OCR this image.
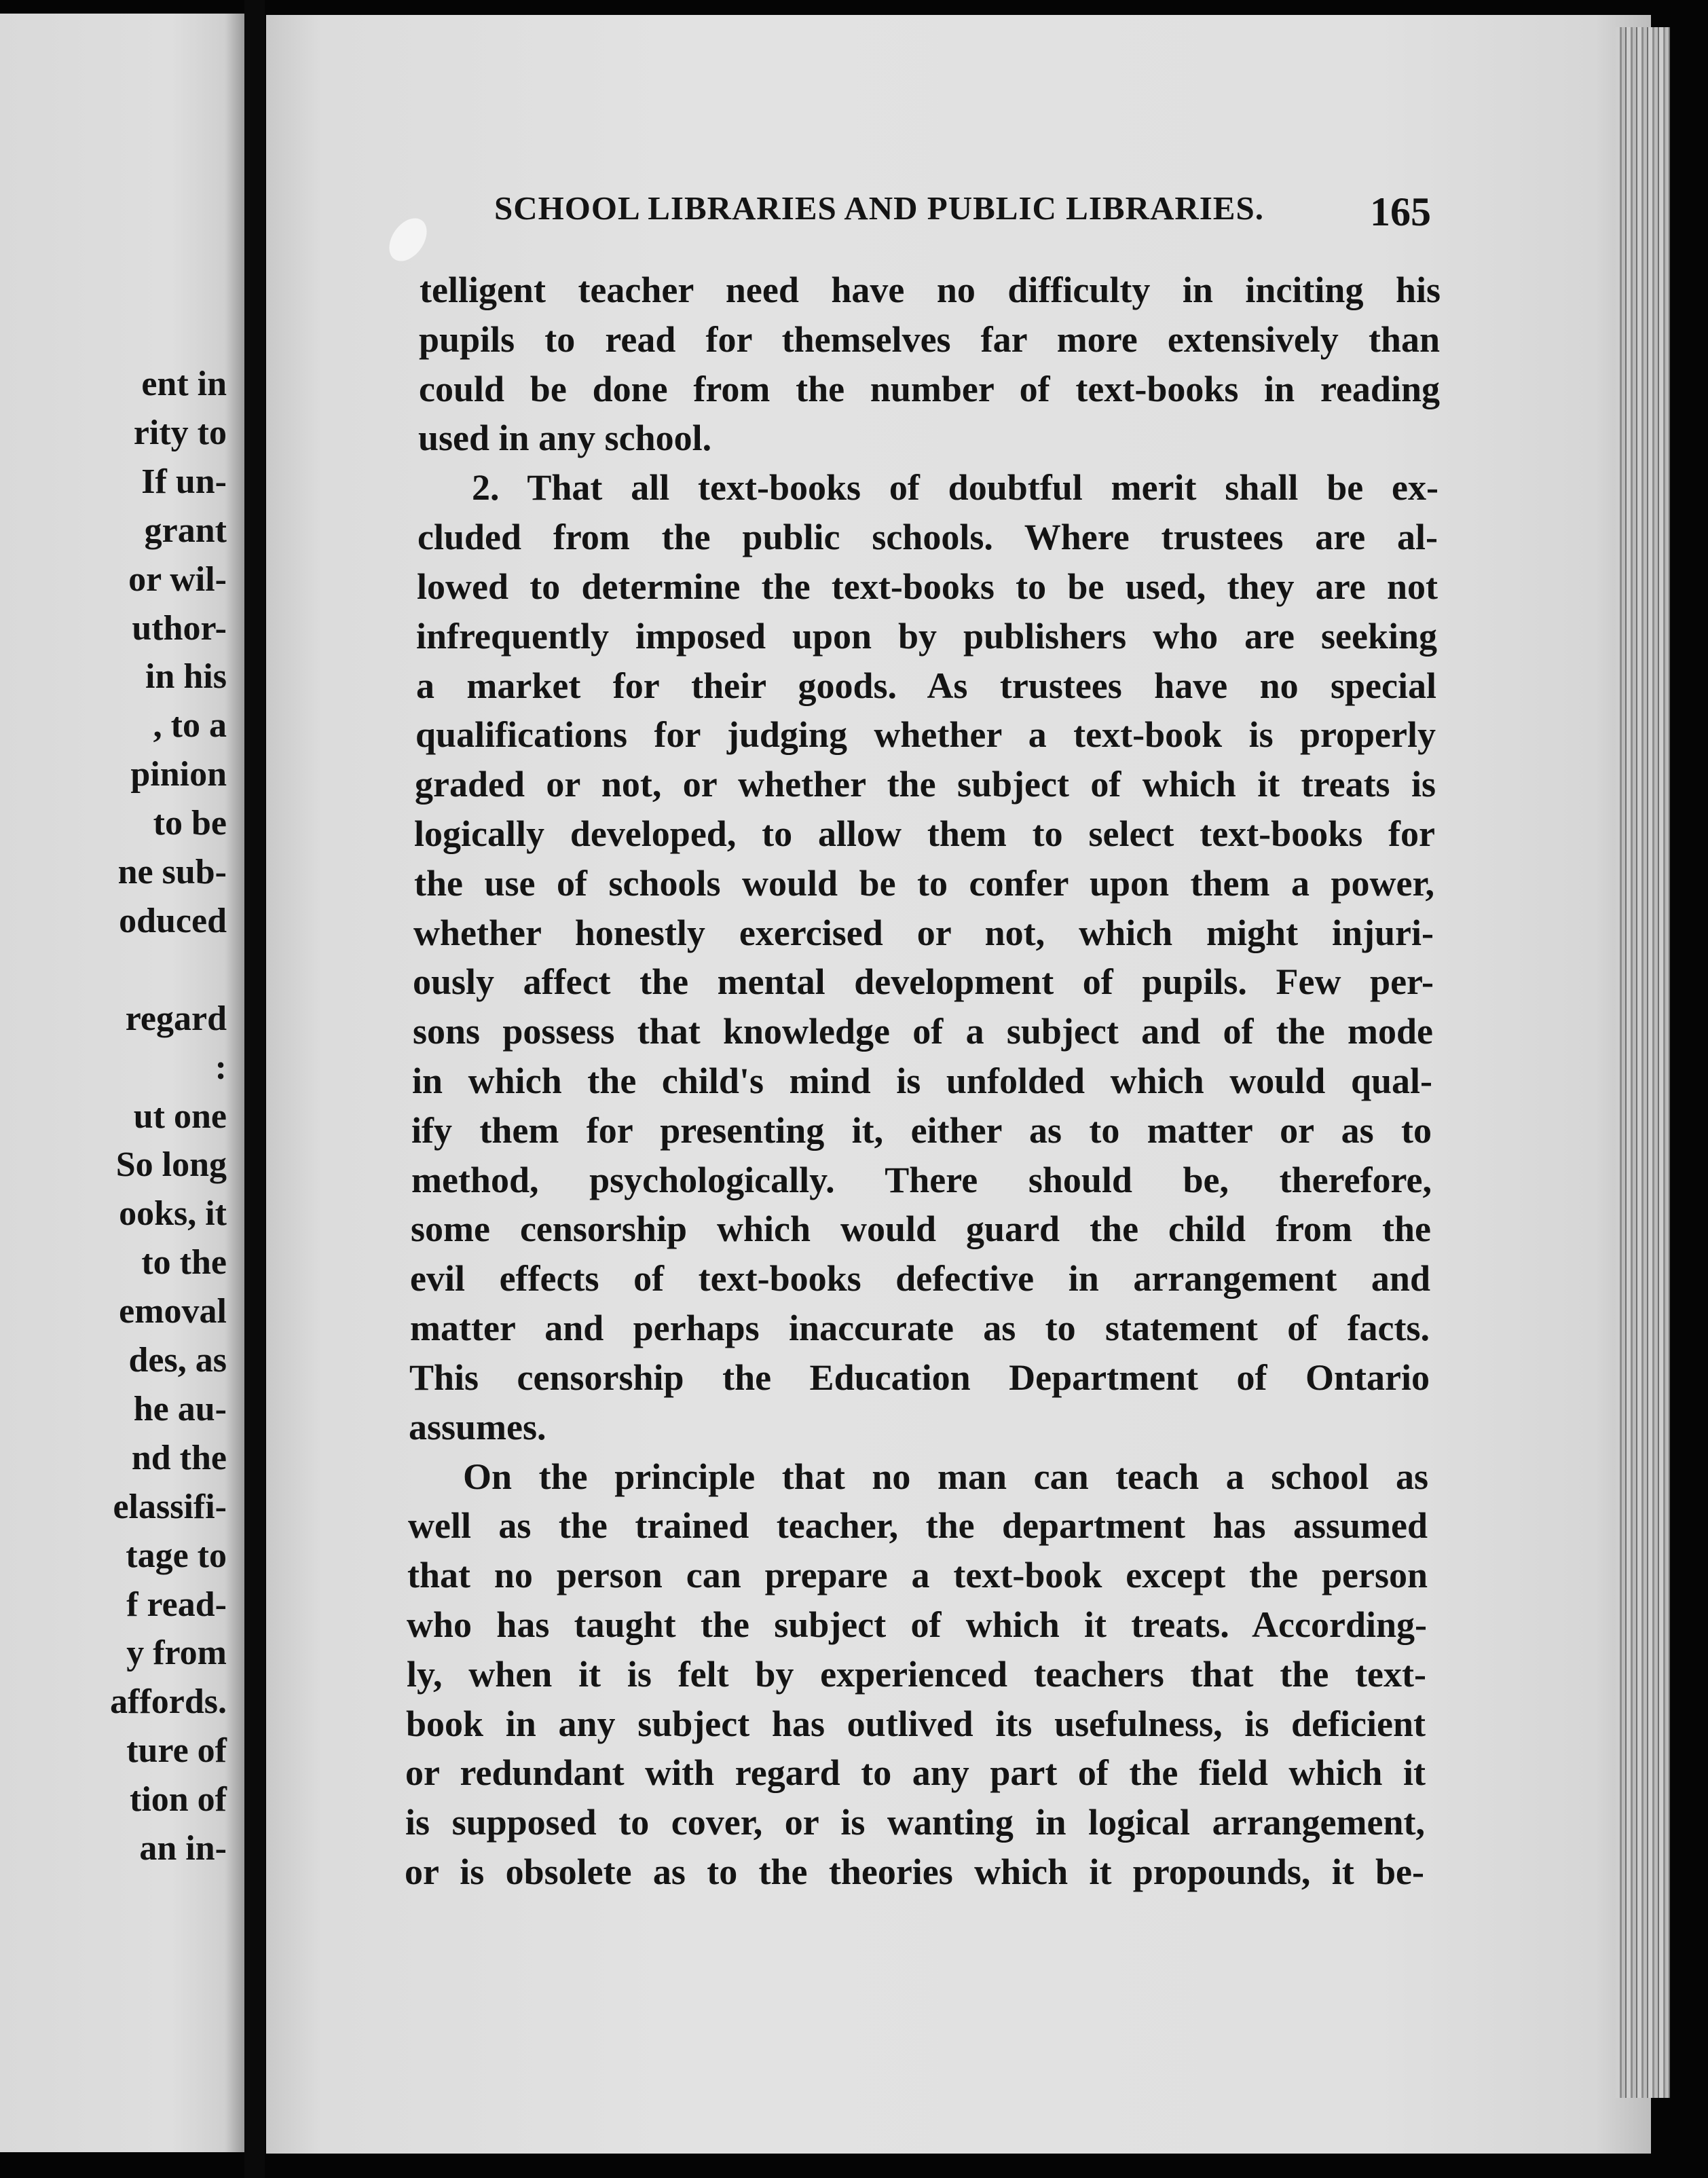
ent in
rity to
If un-
grant
or wil-
uthor-
in his
, to a
pinion
to be
ne sub-
oduced
regard
:
ut one
So long
ooks, it
to the
emoval
des, as
he au-
nd the
elassifi-
tage to
f read-
y from
affords.
ture of
tion of
an in-
SCHOOL LIBRARIES AND PUBLIC LIBRARIES.	165
telligent teacher need have no difficulty in inciting his
pupils to read for themselves far more extensively than
could be done from the number of text-books in reading
used in any school.
2. That all text-books of doubtful merit shall be ex-
cluded from the public schools. Where trustees are al-
lowed to determine the text-books to be used, they are not
infrequently imposed upon by publishers who are seeking
a market for their goods. As trustees have no special
qualifications for judging whether a text-book is properly
graded or not, or whether the subject of which it treats is
logically developed, to allow them to select text-books for
the use of schools would be to confer upon them a power,
whether honestly exercised or not, which might injuri-
ously affect the mental development of pupils. Few per-
sons possess that knowledge of a subject and of the mode
in which the child's mind is unfolded which would qual-
ify them for presenting it, either as to matter or as to
method, psychologically. There should be, therefore,
some censorship which would guard the child from the
evil effects of text-books defective in arrangement and
matter and perhaps inaccurate as to statement of facts.
This censorship the Education Department of Ontario
assumes.
On the principle that no man can teach a school as
well as the trained teacher, the department has assumed
that no person can prepare a text-book except the person
who has taught the subject of which it treats. According-
ly, when it is felt by experienced teachers that the text-
book in any subject has outlived its usefulness, is deficient
or redundant with regard to any part of the field which it
is supposed to cover, or is wanting in logical arrangement,
or is obsolete as to the theories which it propounds, it be-
